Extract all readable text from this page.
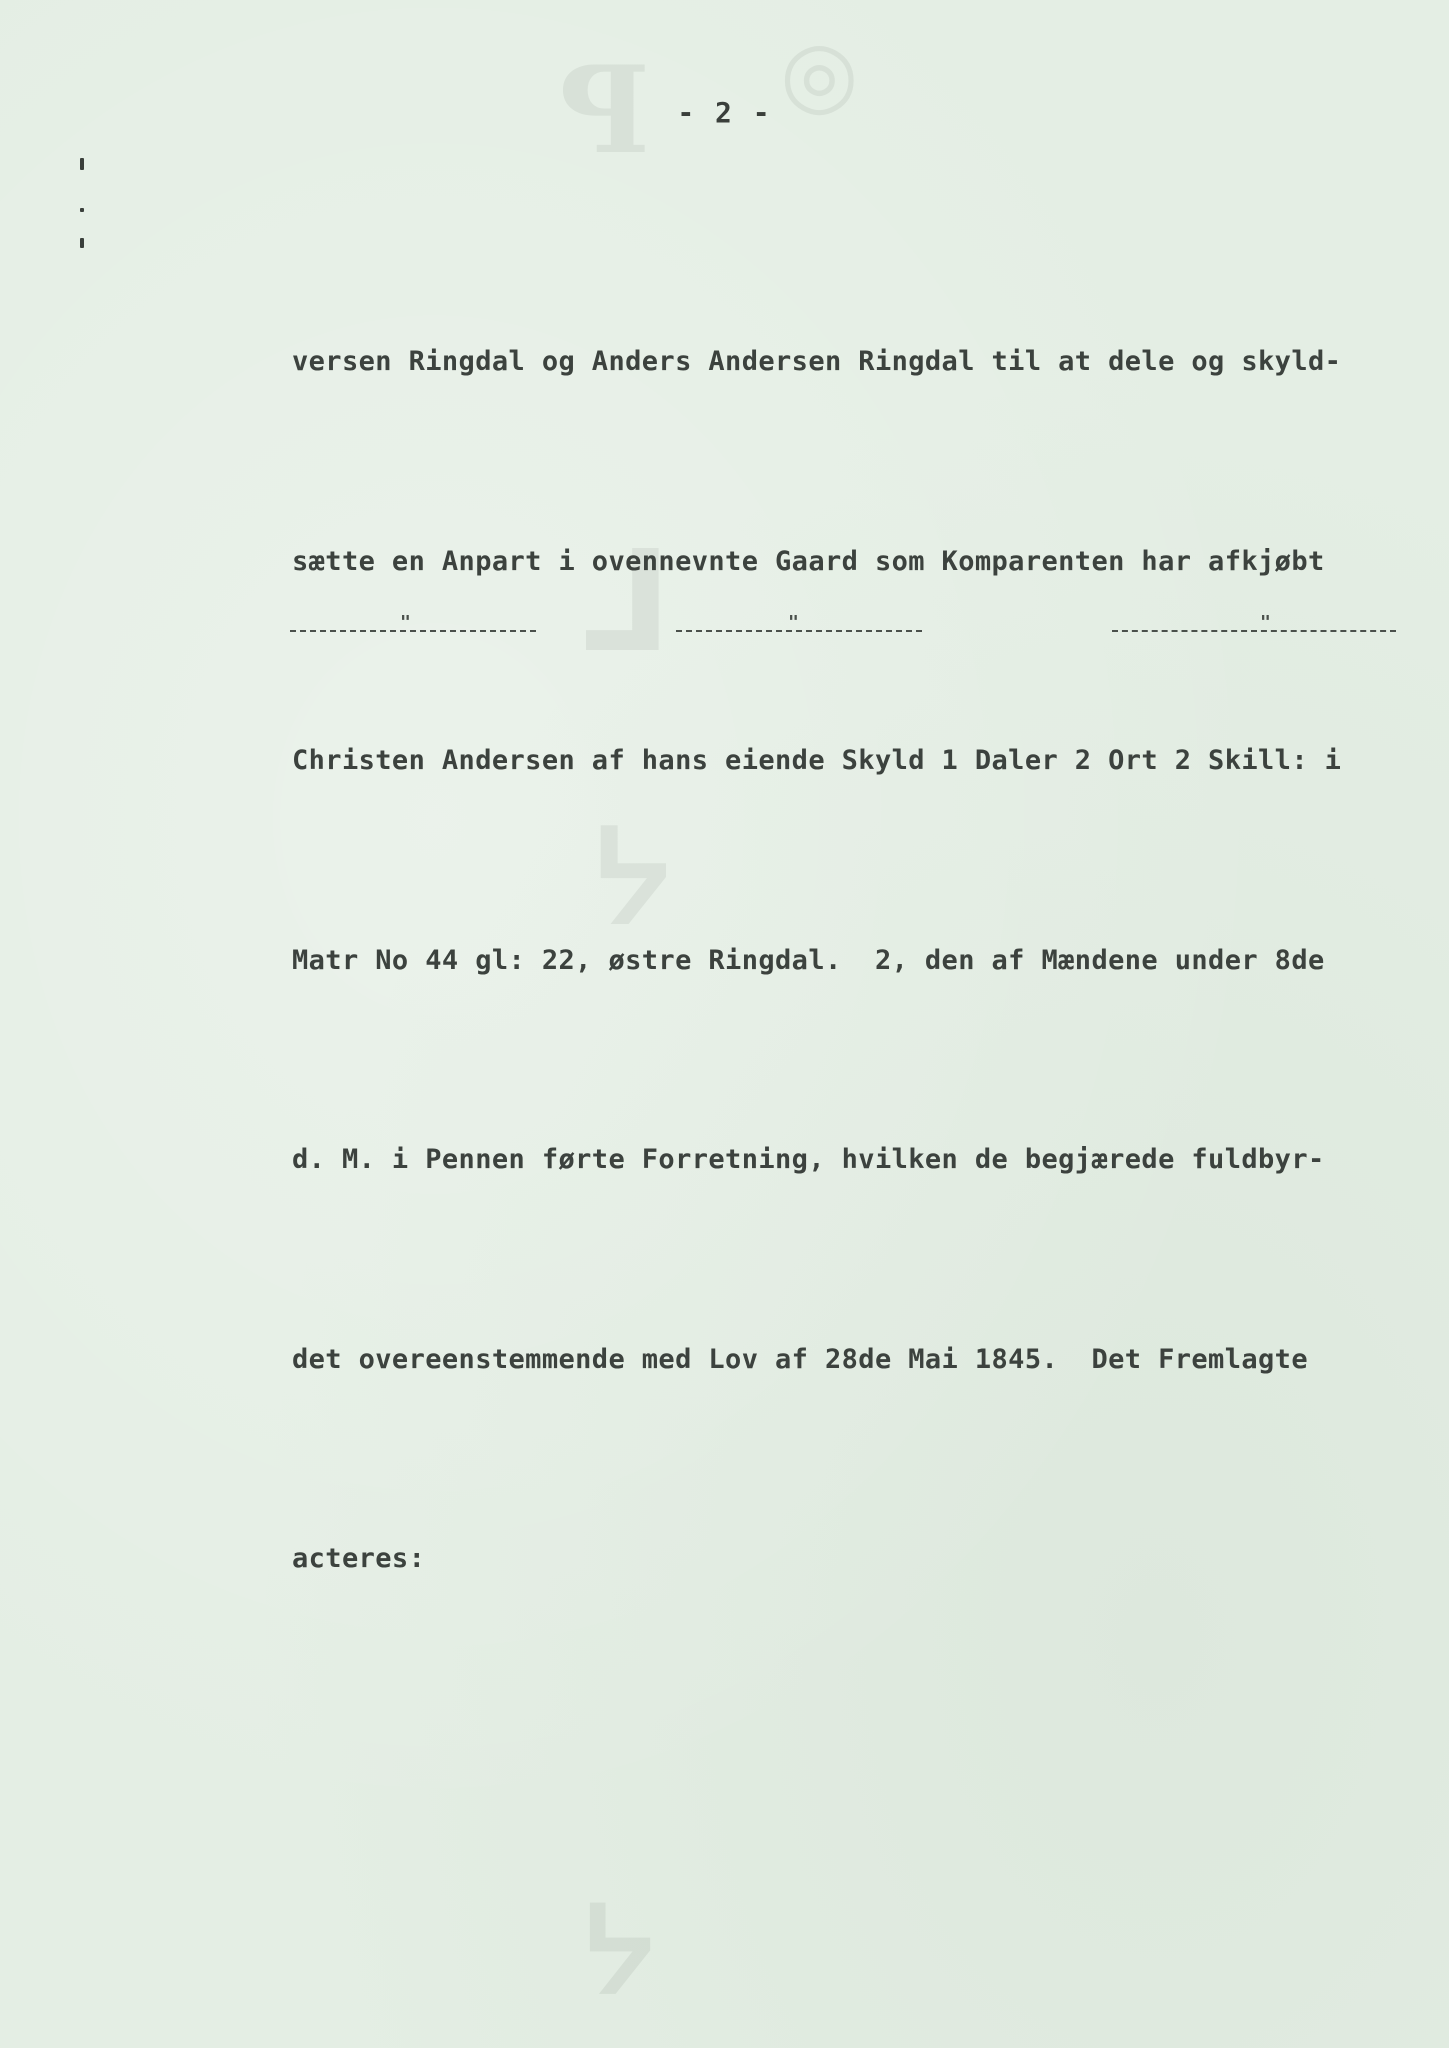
ꟼ ◎
⅃
ᔭ
ᔭ
- 2 -

versen Ringdal og Anders Andersen Ringdal til at dele og skyld-

sætte en Anpart i ovennevnte Gaard som Komparenten har afkjøbt

Christen Andersen af hans eiende Skyld 1 Daler 2 Ort 2 Skill: i

Matr No 44 gl: 22, østre Ringdal.  2, den af Mændene under 8de

d. M. i Pennen førte Forretning, hvilken de begjærede fuldbyr-

det overeenstemmende med Lov af 28de Mai 1845.  Det Fremlagte

acteres:

"	"	"
